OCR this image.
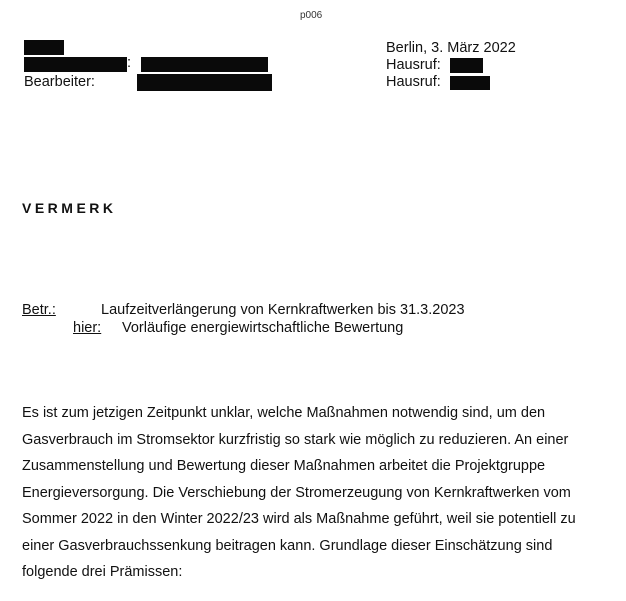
p006
:
Bearbeiter:
Berlin, 3. März 2022
Hausruf:
Hausruf:
VERMERK
Betr.:	Laufzeitverlängerung von Kernkraftwerken bis 31.3.2023
hier: Vorläufige energiewirtschaftliche Bewertung
Es ist zum jetzigen Zeitpunkt unklar, welche Maßnahmen notwendig sind, um den
Gasverbrauch im Stromsektor kurzfristig so stark wie möglich zu reduzieren. An einer
Zusammenstellung und Bewertung dieser Maßnahmen arbeitet die Projektgruppe
Energieversorgung. Die Verschiebung der Stromerzeugung von Kernkraftwerken vom
Sommer 2022 in den Winter 2022/23 wird als Maßnahme geführt, weil sie potentiell zu
einer Gasverbrauchssenkung beitragen kann. Grundlage dieser Einschätzung sind
folgende drei Prämissen:
